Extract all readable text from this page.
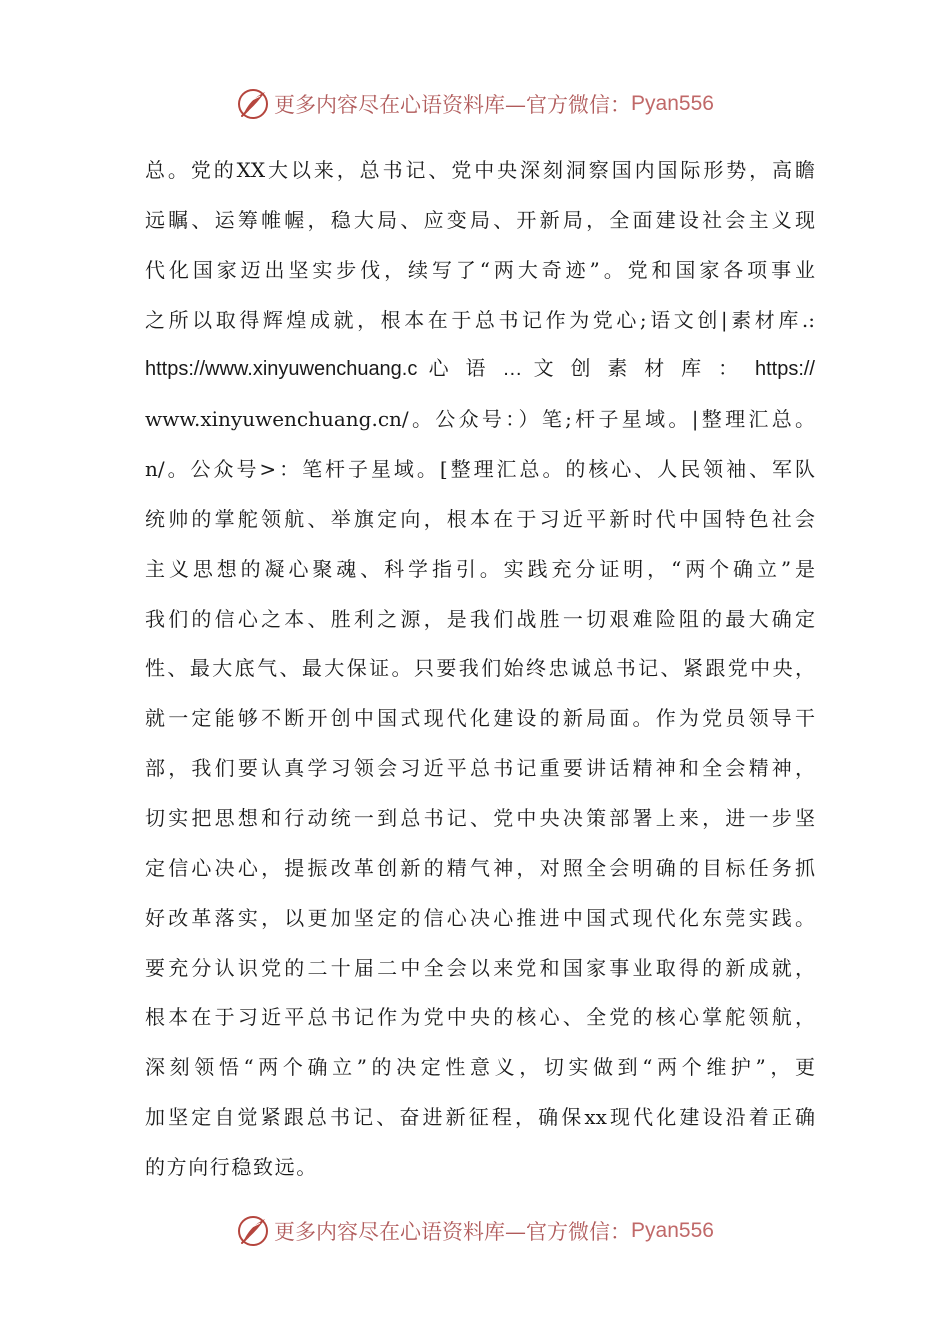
更多内容尽在心语资料库—官方微信： Pyan556
总。党的XX大以来，总书记、党中央深刻洞察国内国际形势，高瞻
远瞩、运筹帷幄，稳大局、应变局、开新局，全面建设社会主义现
代化国家迈出坚实步伐，续写了“两大奇迹”。党和国家各项事业
之所以取得辉煌成就，根本在于总书记作为党心;语文创|素材库.:
https://www.xinyuwenchuang.c 心 语 … 文 创 素 材 库 ： https://
www.xinyuwenchuang.cn/。公众号：）笔;杆子星域。|整理汇总。
n/。公众号>：笔杆子星域。[整理汇总。的核心、人民领袖、军队
统帅的掌舵领航、举旗定向，根本在于习近平新时代中国特色社会
主义思想的凝心聚魂、科学指引。实践充分证明，“两个确立”是
我们的信心之本、胜利之源，是我们战胜一切艰难险阻的最大确定
性、最大底气、最大保证。只要我们始终忠诚总书记、紧跟党中央，
就一定能够不断开创中国式现代化建设的新局面。作为党员领导干
部，我们要认真学习领会习近平总书记重要讲话精神和全会精神，
切实把思想和行动统一到总书记、党中央决策部署上来，进一步坚
定信心决心，提振改革创新的精气神，对照全会明确的目标任务抓
好改革落实，以更加坚定的信心决心推进中国式现代化东莞实践。
要充分认识党的二十届二中全会以来党和国家事业取得的新成就，
根本在于习近平总书记作为党中央的核心、全党的核心掌舵领航，
深刻领悟“两个确立”的决定性意义，切实做到“两个维护”，更
加坚定自觉紧跟总书记、奋进新征程，确保xx现代化建设沿着正确
的方向行稳致远。
更多内容尽在心语资料库—官方微信： Pyan556
